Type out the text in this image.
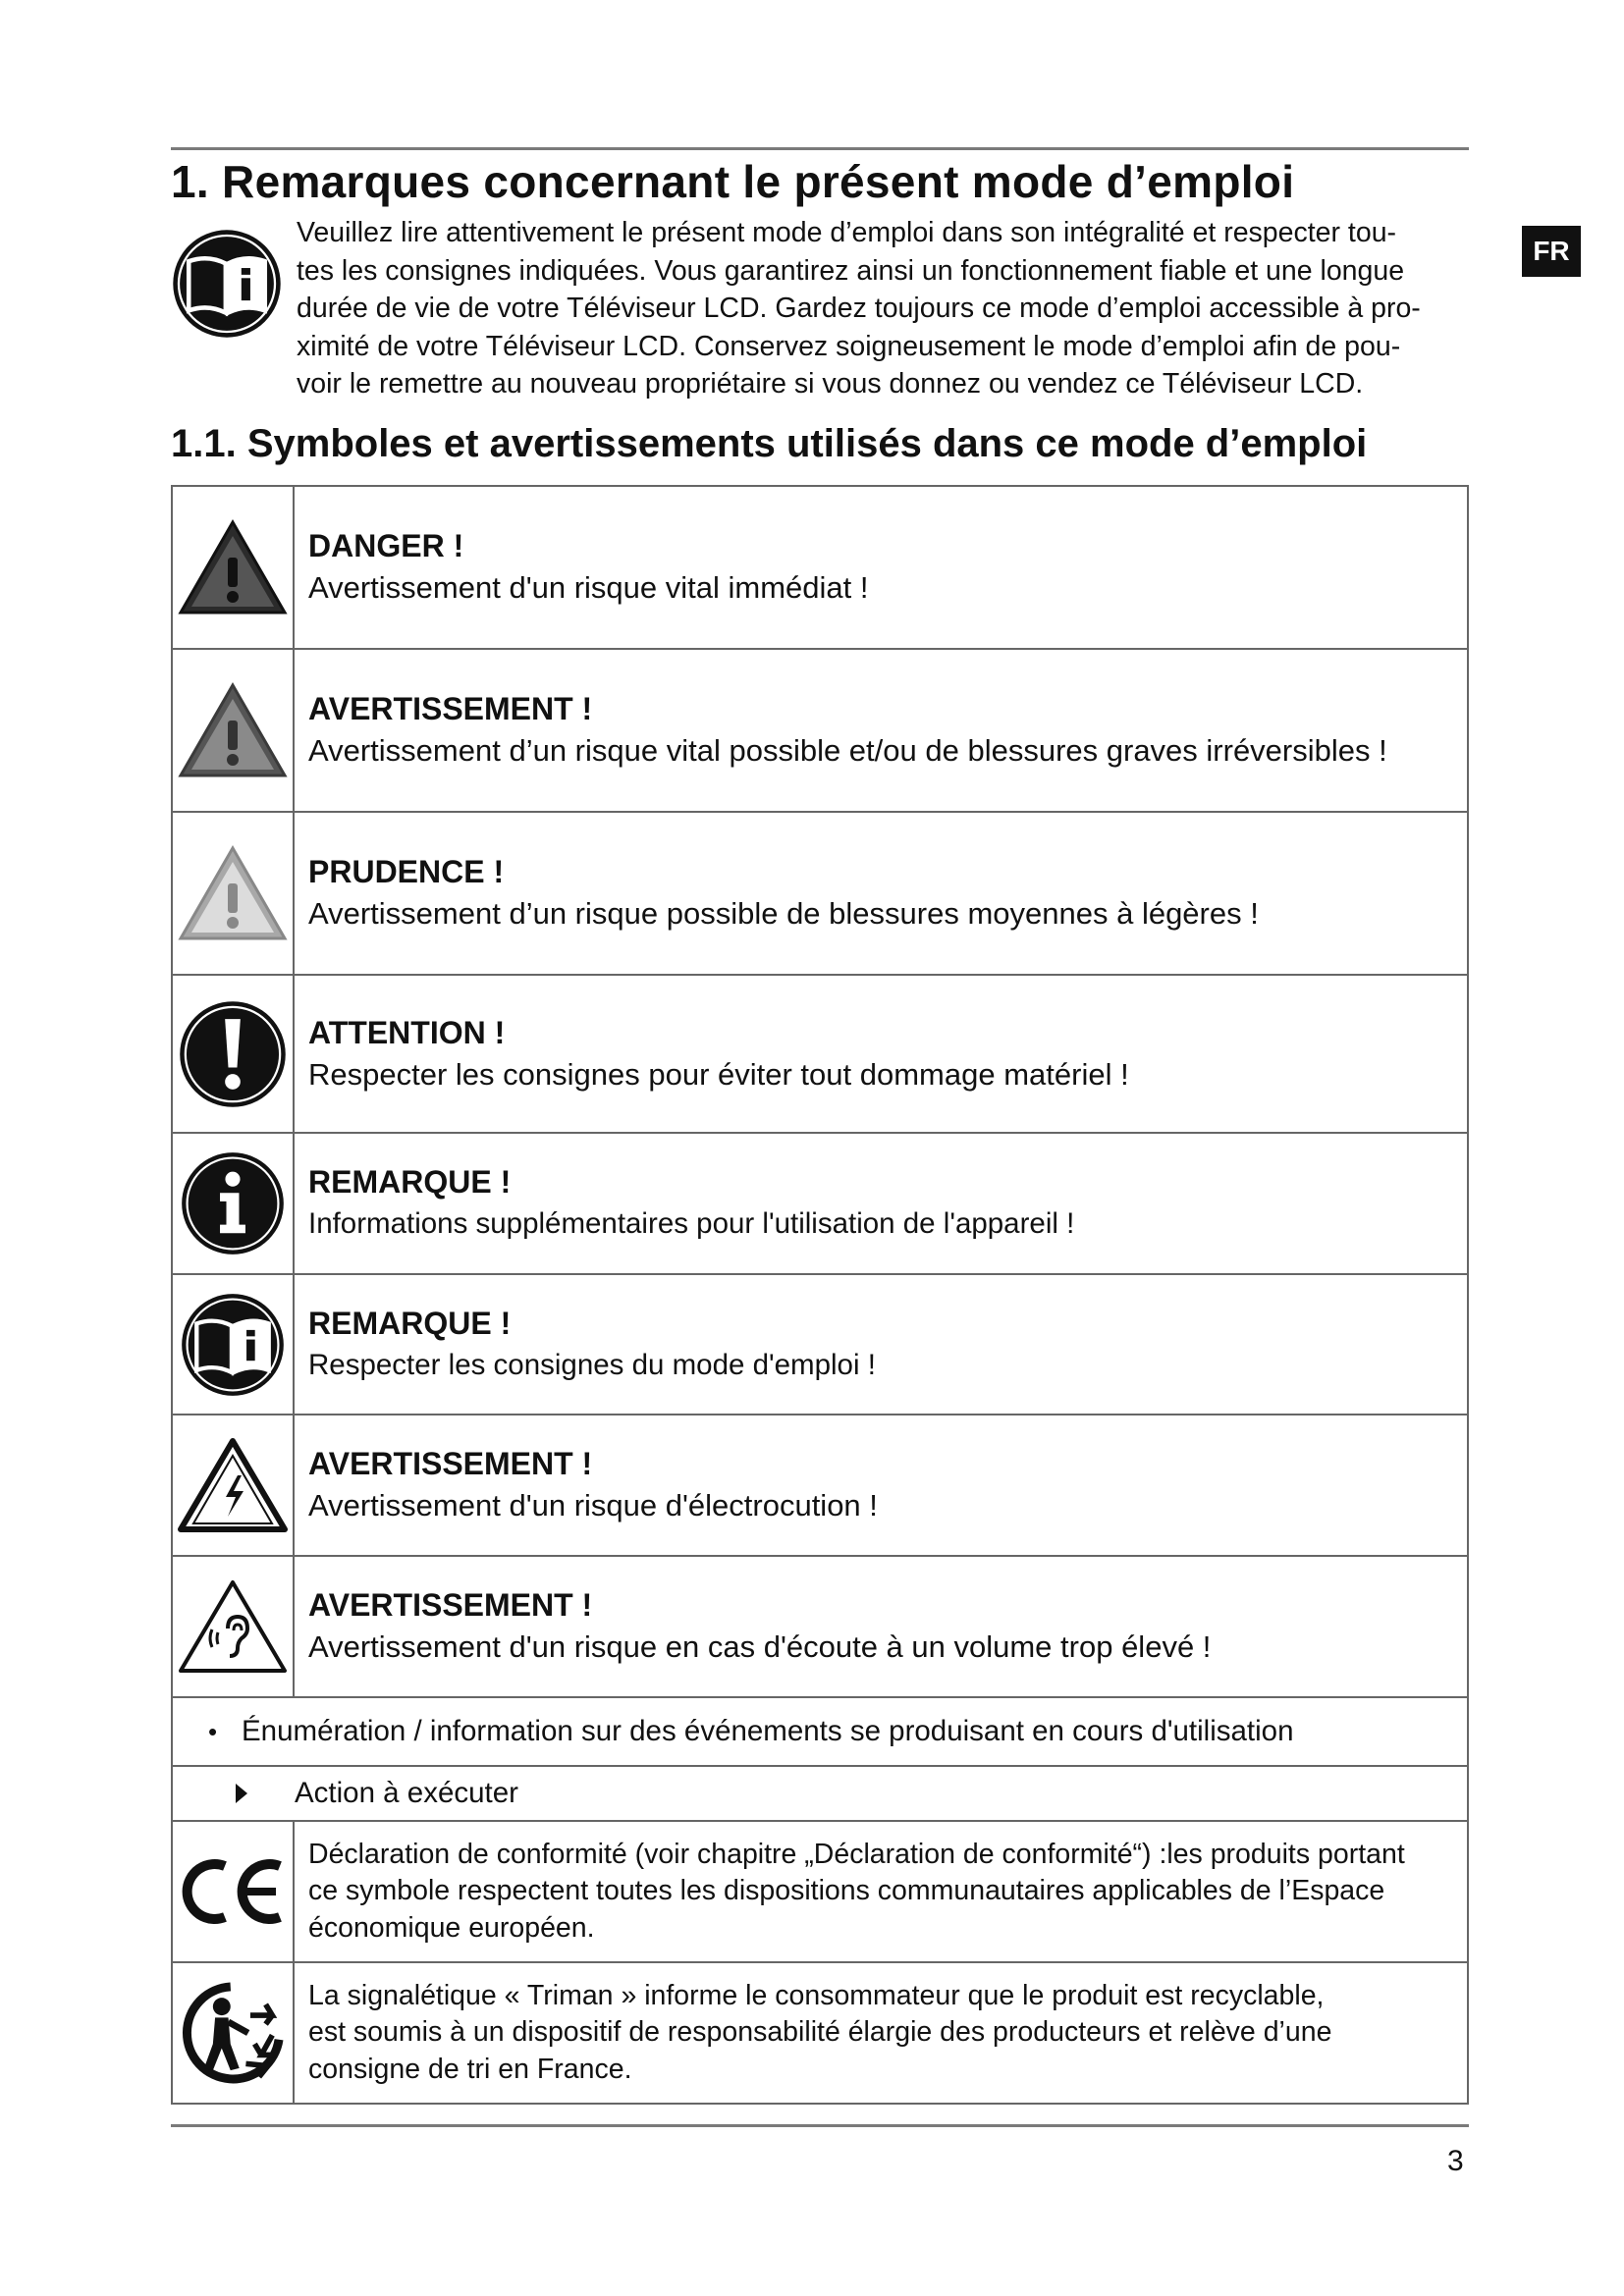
FR
1. Remarques concernant le présent mode d’emploi

Veuillez lire attentivement le présent mode d’emploi dans son intégralité et respecter tou-
tes les consignes indiquées. Vous garantirez ainsi un fonctionnement fiable et une longue
durée de vie de votre Téléviseur LCD. Gardez toujours ce mode d’emploi accessible à pro-
ximité de votre Téléviseur LCD. Conservez soigneusement le mode d’emploi afin de pou-
voir le remettre au nouveau propriétaire si vous donnez ou vendez ce Téléviseur LCD.

1.1. Symboles et avertissements utilisés dans ce mode d’emploi
DANGER !
Avertissement d'un risque vital immédiat !
AVERTISSEMENT !
Avertissement d’un risque vital possible et/ou de blessures graves irréversibles !
PRUDENCE !
Avertissement d’un risque possible de blessures moyennes à légères !
ATTENTION !
Respecter les consignes pour éviter tout dommage matériel !
REMARQUE !
Informations supplémentaires pour l'utilisation de l'appareil !
REMARQUE !
Respecter les consignes du mode d'emploi !
AVERTISSEMENT !
Avertissement d'un risque d'électrocution !
AVERTISSEMENT !
Avertissement d'un risque en cas d'écoute à un volume trop élevé !
• Énumération / information sur des événements se produisant en cours d'utilisation
Action à exécuter
Déclaration de conformité (voir chapitre „Déclaration de conformité“) :les produits portant
ce symbole respectent toutes les dispositions communautaires applicables de l’Espace
économique européen.
La signalétique « Triman » informe le consommateur que le produit est recyclable,
est soumis à un dispositif de responsabilité élargie des producteurs et relève d’une
consigne de tri en France.
3
